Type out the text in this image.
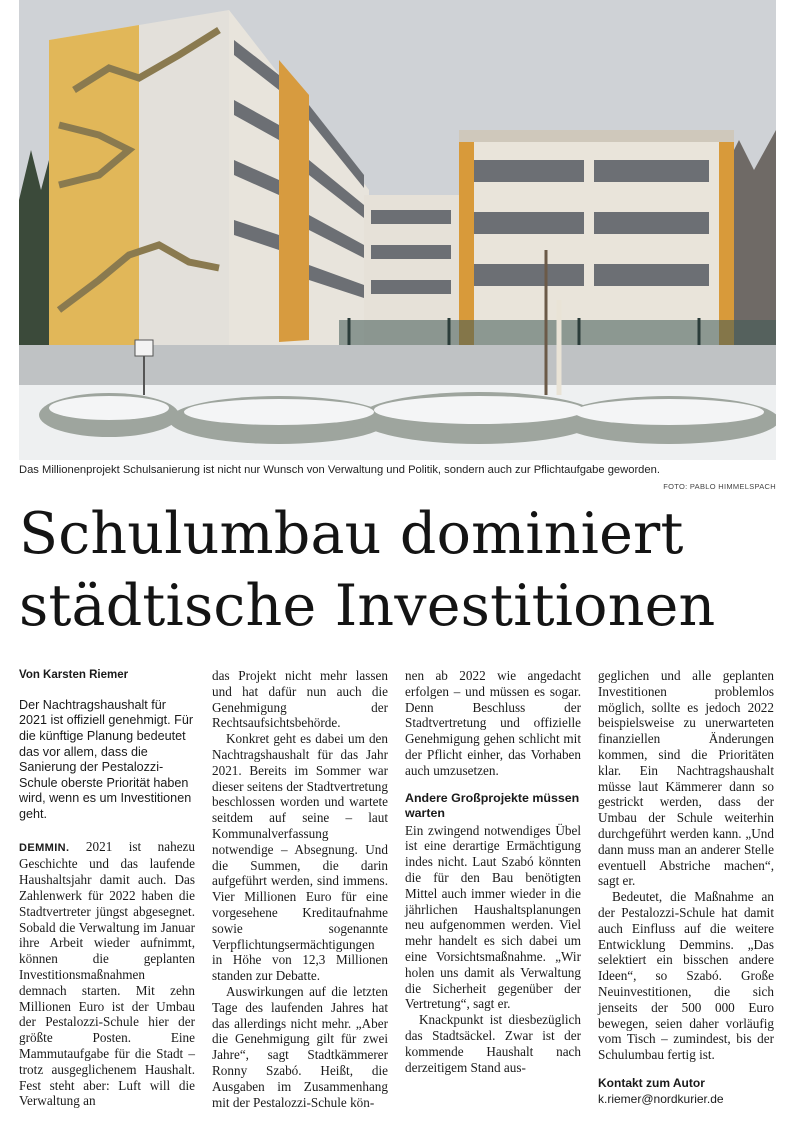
Das Millionenprojekt Schulsanierung ist nicht nur Wunsch von Verwaltung und Politik, sondern auch zur Pflichtaufgabe geworden.
FOTO: PABLO HIMMELSPACH
Schulumbau dominiert
städtische Investitionen
Von Karsten Riemer
Der Nachtragshaushalt für 2021 ist offiziell genehmigt. Für die künftige Planung bedeutet das vor allem, dass die Sanierung der Pestalozzi-Schule oberste Priorität haben wird, wenn es um Investitionen geht.

DEMMIN. 2021 ist nahezu Geschichte und das laufende Haushaltsjahr damit auch. Das Zahlenwerk für 2022 haben die Stadtvertreter jüngst abgesegnet. Sobald die Verwaltung im Januar ihre Arbeit wieder aufnimmt, können die geplanten Investitionsmaßnahmen demnach starten. Mit zehn Millionen Euro ist der Umbau der Pestalozzi-Schule hier der größte Posten. Eine Mammutaufgabe für die Stadt – trotz ausgeglichenem Haushalt. Fest steht aber: Luft will die Verwaltung an

das Projekt nicht mehr lassen und hat dafür nun auch die Genehmigung der Rechtsaufsichtsbehörde.

Konkret geht es dabei um den Nachtragshaushalt für das Jahr 2021. Bereits im Sommer war dieser seitens der Stadtvertretung beschlossen worden und wartete seitdem auf seine – laut Kommunalverfassung notwendige – Absegnung. Und die Summen, die darin aufgeführt werden, sind immens. Vier Millionen Euro für eine vorgesehene Kreditaufnahme sowie sogenannte Verpflichtungsermächtigungen in Höhe von 12,3 Millionen standen zur Debatte.

Auswirkungen auf die letzten Tage des laufenden Jahres hat das allerdings nicht mehr. „Aber die Genehmigung gilt für zwei Jahre“, sagt Stadtkämmerer Ronny Szabó. Heißt, die Ausgaben im Zusammenhang mit der Pestalozzi-Schule kön-

nen ab 2022 wie angedacht erfolgen – und müssen es sogar. Denn Beschluss der Stadtvertretung und offizielle Genehmigung gehen schlicht mit der Pflicht einher, das Vorhaben auch umzusetzen.

Andere Großprojekte müssen warten

Ein zwingend notwendiges Übel ist eine derartige Ermächtigung indes nicht. Laut Szabó könnten die für den Bau benötigten Mittel auch immer wieder in die jährlichen Haushaltsplanungen neu aufgenommen werden. Viel mehr handelt es sich dabei um eine Vorsichtsmaßnahme. „Wir holen uns damit als Verwaltung die Sicherheit gegenüber der Vertretung“, sagt er.

Knackpunkt ist diesbezüglich das Stadtsäckel. Zwar ist der kommende Haushalt nach derzeitigem Stand aus-

geglichen und alle geplanten Investitionen problemlos möglich, sollte es jedoch 2022 beispielsweise zu unerwarteten finanziellen Änderungen kommen, sind die Prioritäten klar. Ein Nachtragshaushalt müsse laut Kämmerer dann so gestrickt werden, dass der Umbau der Schule weiterhin durchgeführt werden kann. „Und dann muss man an anderer Stelle eventuell Abstriche machen“, sagt er.

Bedeutet, die Maßnahme an der Pestalozzi-Schule hat damit auch Einfluss auf die weitere Entwicklung Demmins. „Das selektiert ein bisschen andere Ideen“, so Szabó. Große Neuinvestitionen, die sich jenseits der 500 000 Euro bewegen, seien daher vorläufig vom Tisch – zumindest, bis der Schulumbau fertig ist.

Kontakt zum Autor
k.riemer@nordkurier.de
